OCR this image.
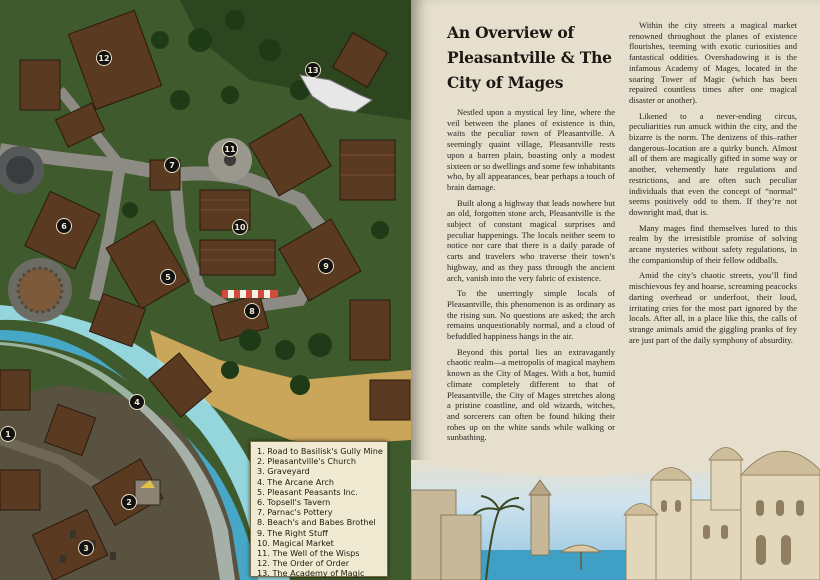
1
2
3
4
5
6
7
8
9
10
11
12
13
1. Road to Basilisk's Gully Mine
2. Pleasantville's Church
3. Graveyard
4. The Arcane Arch
5. Pleasant Peasants Inc.
6. Topsell's Tavern
7. Parnac's Pottery
8. Beach's and Babes Brothel
9. The Right Stuff
10. Magical Market
11. The Well of the Wisps
12. The Order of Order
13. The Academy of Magic
An Overview of
Pleasantville & The
City of Mages

Nestled upon a mystical ley line, where the veil between the planes of existence is thin, waits the peculiar town of Pleasantville. A seemingly quaint village, Pleasantville rests upon a barren plain, boasting only a modest sixteen or so dwellings and some few inhabitants who, by all appearances, bear perhaps a touch of brain damage.

Built along a highway that leads nowhere but an old, forgotten stone arch, Pleasantville is the subject of constant magical surprises and peculiar happenings. The locals neither seem to notice nor care that there is a daily parade of carts and travelers who traverse their town’s highway, and as they pass through the ancient arch, vanish into the very fabric of existence.

To the unerringly simple locals of Pleasantville, this phenomenon is as ordinary as the rising sun. No questions are asked; the arch remains unquestionably normal, and a cloud of befuddled happiness hangs in the air.

Beyond this portal lies an extravagantly chaotic realm—a metropolis of magical mayhem known as the City of Mages. With a hot, humid climate completely different to that of Pleasantville, the City of Mages stretches along a pristine coastline, and old wizards, witches, and sorcerers can often be found hiking their robes up on the white sands while walking or sunbathing.

Within the city streets a magical market renowned throughout the planes of existence flourishes, teeming with exotic curiosities and fantastical oddities. Overshadowing it is the infamous Academy of Mages, located in the soaring Tower of Magic (which has been repaired countless times after one magical disaster or another).

Likened to a never-ending circus, peculiarities run amuck within the city, and the bizarre is the norm. The denizens of this–rather dangerous–location are a quirky bunch. Almost all of them are magically gifted in some way or another, vehemently hate regulations and restrictions, and are often such peculiar individuals that even the concept of “normal” seems positively odd to them. If they’re not downright mad, that is.

Many mages find themselves lured to this realm by the irresistible promise of solving arcane mysteries without safety regulations, in the companionship of their fellow oddballs.

Amid the city’s chaotic streets, you’ll find mischievous fey and hoarse, screaming peacocks darting overhead or underfoot, their loud, irritating cries for the most part ignored by the locals. After all, in a place like this, the calls of strange animals amid the giggling pranks of fey are just part of the daily symphony of absurdity.
